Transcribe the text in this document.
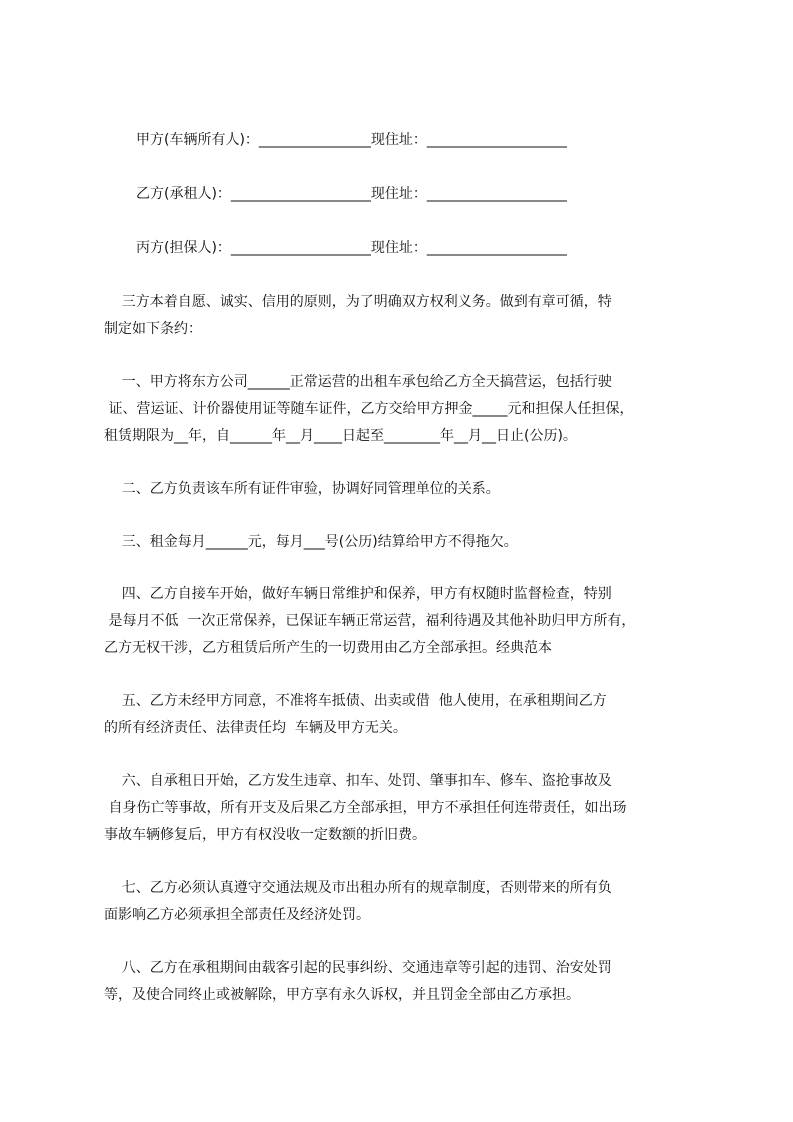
甲方(车辆所有人)：________________现住址：____________________
乙方(承租人)：____________________现住址：____________________
丙方(担保人)：____________________现住址：____________________
三方本着自愿、诚实、信用的原则，为了明确双方权利义务。做到有章可循，特
制定如下条约：
一、甲方将东方公司______正常运营的出租车承包给乙方全天搞营运，包括行驶
证、营运证、计价器使用证等随车证件，乙方交给甲方押金_____元和担保人任担保，
租赁期限为__年，自______年__月____日起至________年__月__日止(公历)。
二、乙方负责该车所有证件审验，协调好同管理单位的关系。
三、租金每月______元，每月___号(公历)结算给甲方不得拖欠。
四、乙方自接车开始，做好车辆日常维护和保养，甲方有权随时监督检查，特别
是每月不低  一次正常保养，已保证车辆正常运营，福利待遇及其他补助归甲方所有，
乙方无权干涉，乙方租赁后所产生的一切费用由乙方全部承担。经典范本
五、乙方未经甲方同意，不准将车抵债、出卖或借  他人使用，在承租期间乙方
的所有经济责任、法律责任均  车辆及甲方无关。
六、自承租日开始，乙方发生违章、扣车、处罚、肇事扣车、修车、盗抢事故及
自身伤亡等事故，所有开支及后果乙方全部承担，甲方不承担任何连带责任，如出玚
事故车辆修复后，甲方有权没收一定数额的折旧费。
七、乙方必须认真遵守交通法规及市出租办所有的规章制度，否则带来的所有负
面影响乙方必须承担全部责任及经济处罚。
八、乙方在承租期间由载客引起的民事纠纷、交通违章等引起的违罚、治安处罚
等，及使合同终止或被解除，甲方享有永久诉权，并且罚金全部由乙方承担。
